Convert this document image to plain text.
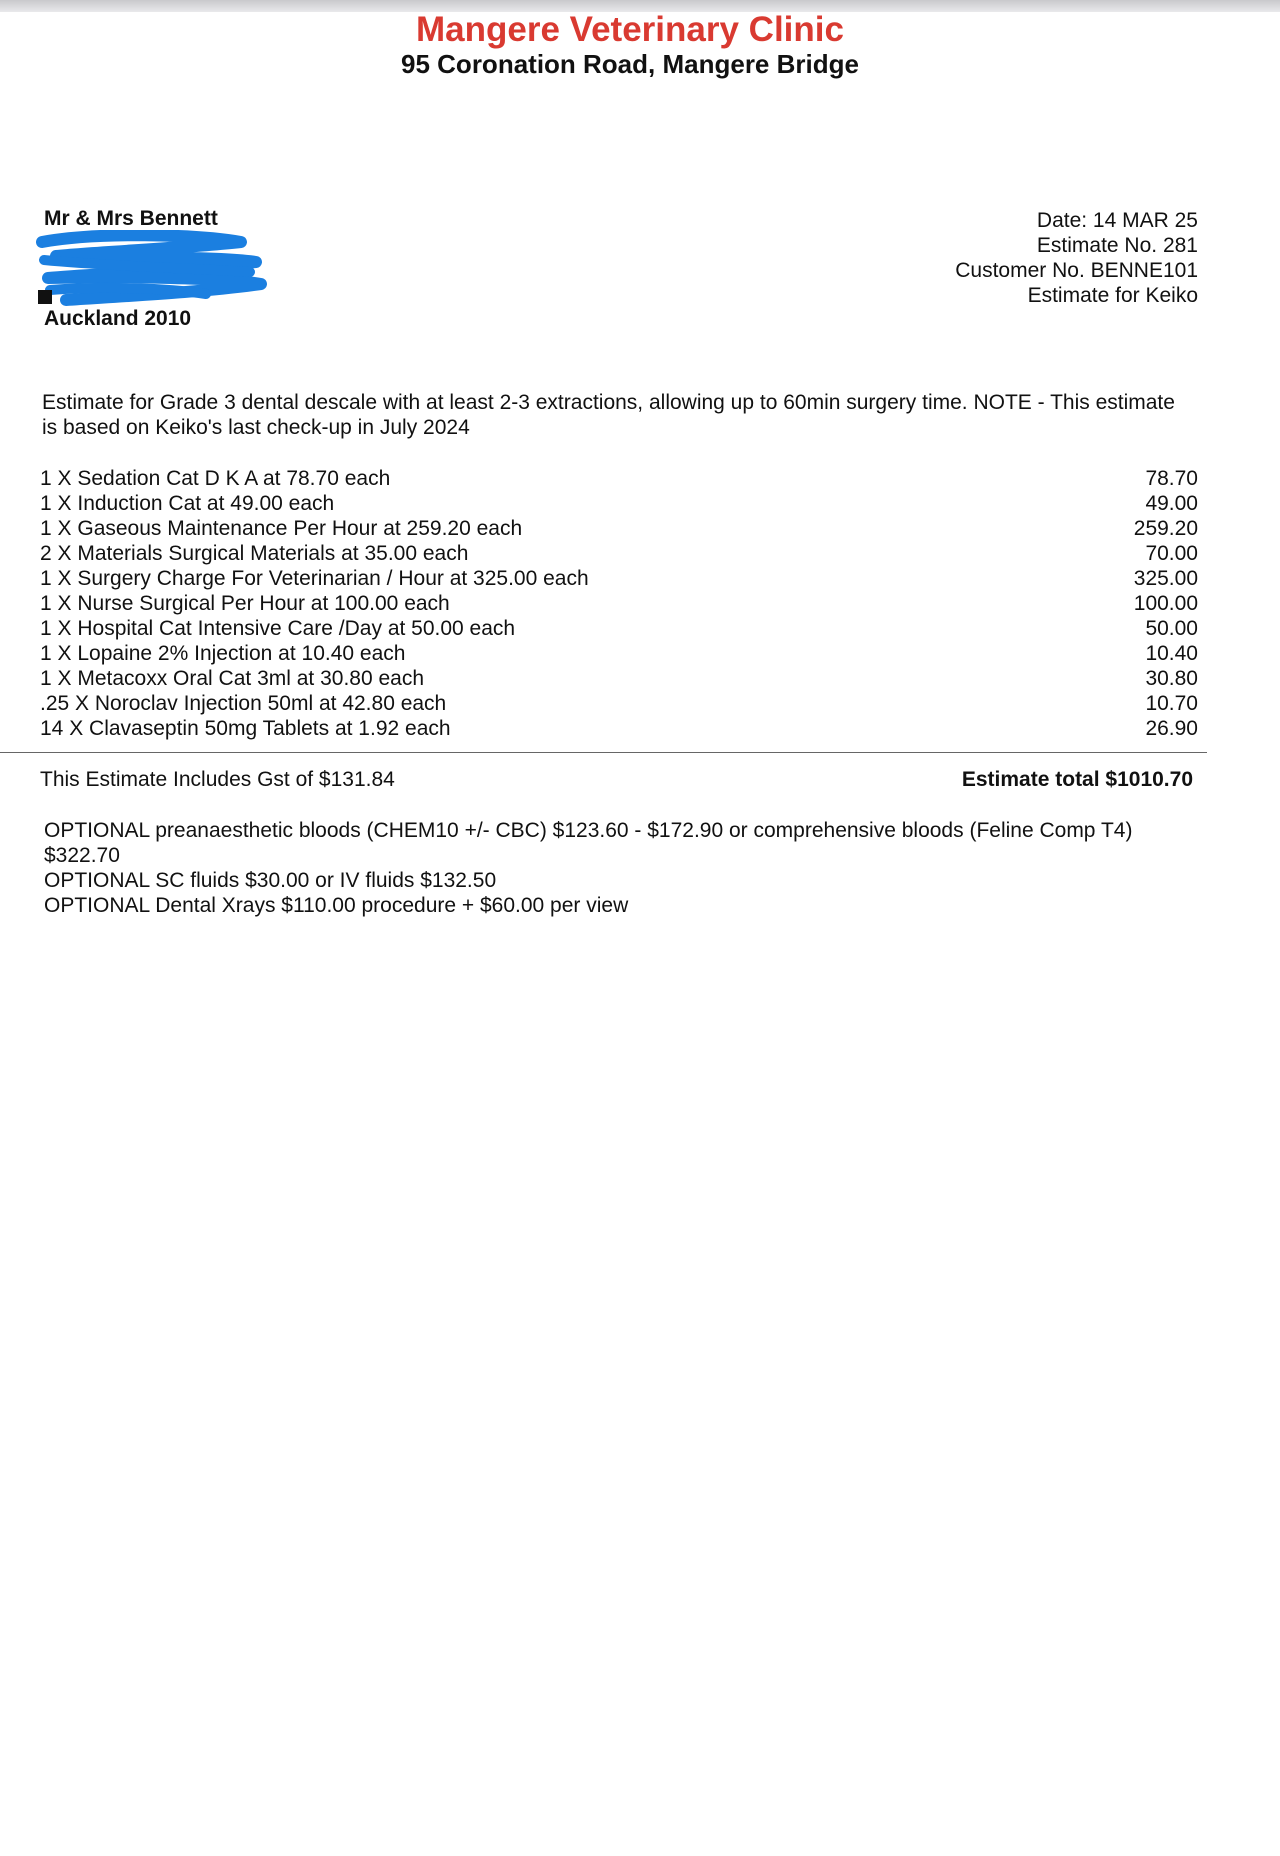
Mangere Veterinary Clinic
95 Coronation Road, Mangere Bridge
Mr & Mrs Bennett
Auckland 2010
Date: 14 MAR 25
Estimate No. 281
Customer No. BENNE101
Estimate for Keiko
Estimate for Grade 3 dental descale with at least 2-3 extractions, allowing up to 60min surgery time. NOTE - This estimate is based on Keiko's last check-up in July 2024
1 X Sedation Cat D K A at 78.70 each	78.70
1 X Induction Cat at 49.00 each	49.00
1 X Gaseous Maintenance Per Hour at 259.20 each	259.20
2 X Materials Surgical Materials at 35.00 each	70.00
1 X Surgery Charge For Veterinarian / Hour at 325.00 each	325.00
1 X Nurse Surgical Per Hour at 100.00 each	100.00
1 X Hospital Cat Intensive Care /Day at 50.00 each	50.00
1 X Lopaine 2% Injection at 10.40 each	10.40
1 X Metacoxx Oral Cat 3ml at 30.80 each	30.80
.25 X Noroclav Injection 50ml at 42.80 each	10.70
14 X Clavaseptin 50mg Tablets at 1.92 each	26.90
This Estimate Includes Gst of $131.84	Estimate total $1010.70
OPTIONAL preanaesthetic bloods (CHEM10 +/- CBC) $123.60 - $172.90 or comprehensive bloods (Feline Comp T4) $322.70
OPTIONAL SC fluids $30.00 or IV fluids $132.50
OPTIONAL Dental Xrays $110.00 procedure + $60.00 per view
